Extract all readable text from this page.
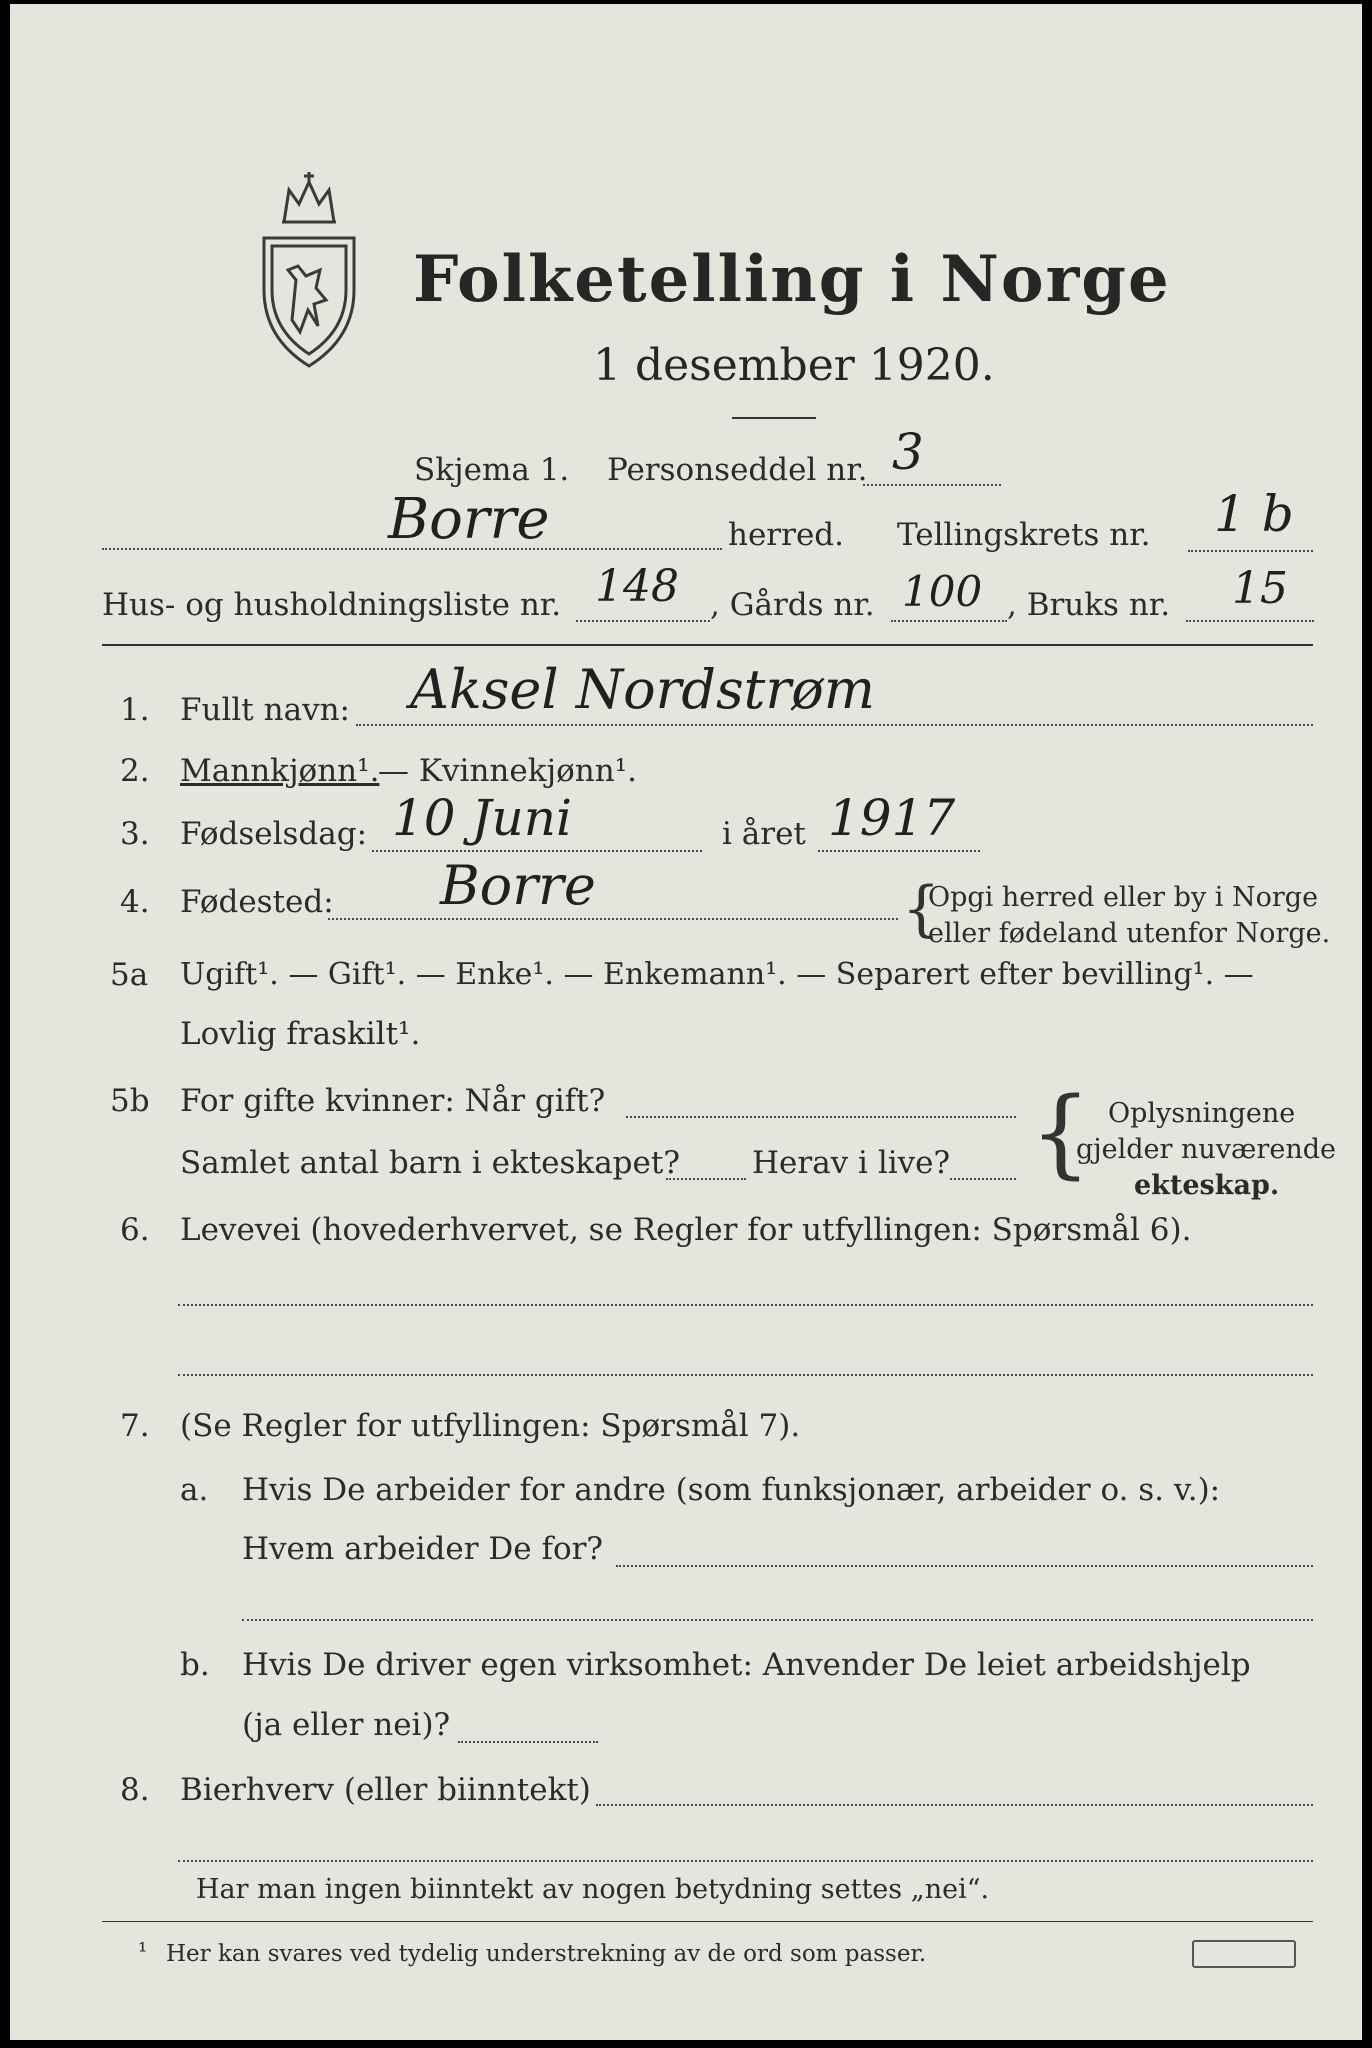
Folketelling i Norge
1 desember 1920.
Skjema 1. Personseddel nr. 3
Borre	herred. Tellingskrets nr. 1 b
Hus- og husholdningsliste nr. 148 , Gårds nr. 100 , Bruks nr. 15
1. Fullt navn: Aksel Nordstrøm
2. Mannkjønn¹.
— Kvinnekjønn¹.
3. Fødselsdag: 10 Juni	i året 1917
4. Fødested: Borre	{
Opgi herred eller by i Norge
eller fødeland utenfor Norge.
5a Ugift¹. — Gift¹. — Enke¹. — Enkemann¹. — Separert efter bevilling¹. —
Lovlig fraskilt¹.
5b For gifte kvinner: Når gift?
Samlet antal barn i ekteskapet? Herav i live? { Oplysningene
gjelder nuværende
ekteskap.
6. Levevei (hovederhvervet, se Regler for utfyllingen: Spørsmål 6).
7. (Se Regler for utfyllingen: Spørsmål 7).
a. Hvis De arbeider for andre (som funksjonær, arbeider o. s. v.):
Hvem arbeider De for?
b. Hvis De driver egen virksomhet: Anvender De leiet arbeidshjelp
(ja eller nei)?
8. Bierhverv (eller biinntekt)
Har man ingen biinntekt av nogen betydning settes „nei“.
¹ Her kan svares ved tydelig understrekning av de ord som passer.
